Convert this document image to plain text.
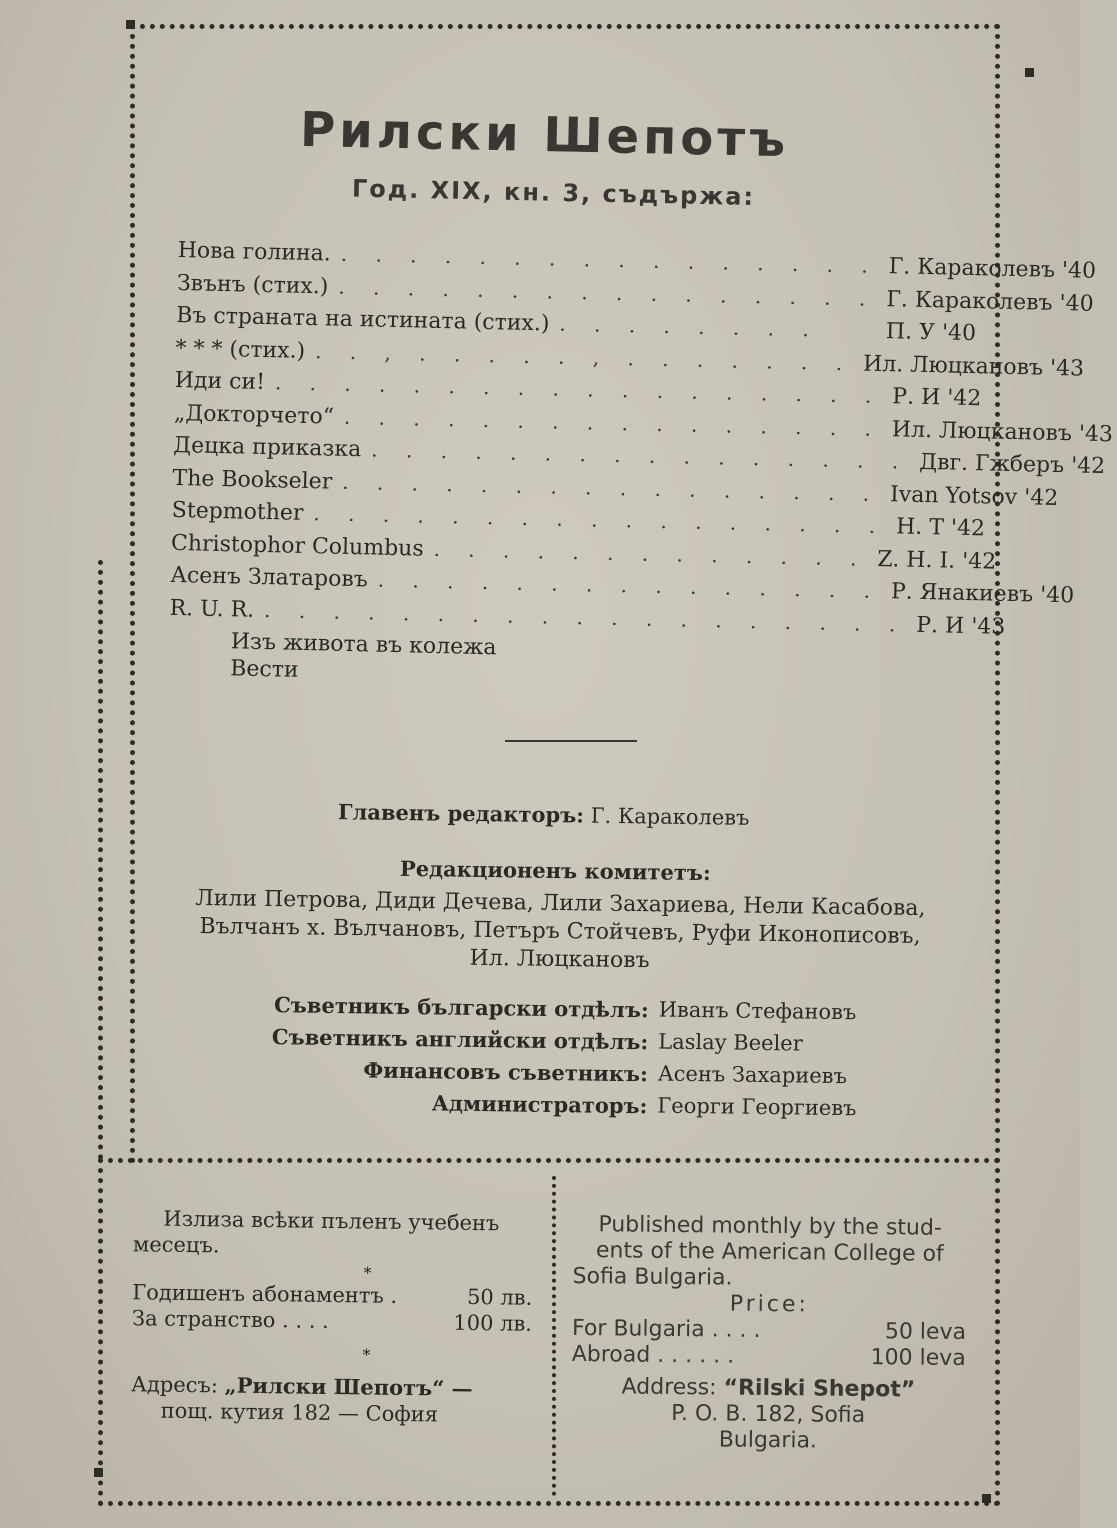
Рилски Шепотъ
Год. XIX, кн. 3, съдържа:
Нова голина. . . . . . . . . . . . . . . . . Г. Караколевъ '40
Звънъ (стих.) . . . . . . . . . . . . . . . . Г. Караколевъ '40
Въ страната на истината (стих.) . . . . . . . .	П. У '40
* * * (стих.) . . , . . . . . , . . . . . . . Ил. Люцкановъ '43
Иди си! . . . . . . . . . . . . . . . . . . Р. И '42
„Докторчето“ . . . . . . . . . . . . . . . . Ил. Люцкановъ '43
Децка приказка . . . . . . . . . . . . . . . . Двг. Гжберъ '42
The Bookseler . . . . . . . . . . . . . . . . Ivan Yotsov '42
Stepmother . . . . . . . . . . . . . . . . . Н. Т '42
Christophor Columbus . . . . . . . . . . . . . Z. H. I. '42
Асенъ Златаровъ . . . . . . . . . . . . . . . Р. Янакиевъ '40
R. U. R. . . . . . . . . . . . . . . . . . . . Р. И '43
Изъ живота въ колежа
Вести
Главенъ редакторъ: Г. Караколевъ
Редакционенъ комитетъ:
Лили Петрова, Диди Дечева, Лили Захариева, Нели Касабова,
Вълчанъ х. Вълчановъ, Петъръ Стойчевъ, Руфи Иконописовъ,
Ил. Люцкановъ
Съветникъ български отдѣлъ: Иванъ Стефановъ
Съветникъ английски отдѣлъ: Laslay Beeler
Финансовъ съветникъ: Асенъ Захариевъ
Администраторъ: Георги Георгиевъ
Излиза всѣки пъленъ учебенъ
месецъ.
*
Годишенъ абонаментъ .	50 лв.
За странство . . . .	100 лв.
*
Адресъ: „Рилски Шепотъ“ —
пощ. кутия 182 — София
Published monthly by the stud-
ents of the American College of
Sofia Bulgaria.
Price:
For Bulgaria . . . .	50 leva
Abroad . . . . . .	100 leva
Address: “Rilski Shepot”
P. O. B. 182, Sofia
Bulgaria.
